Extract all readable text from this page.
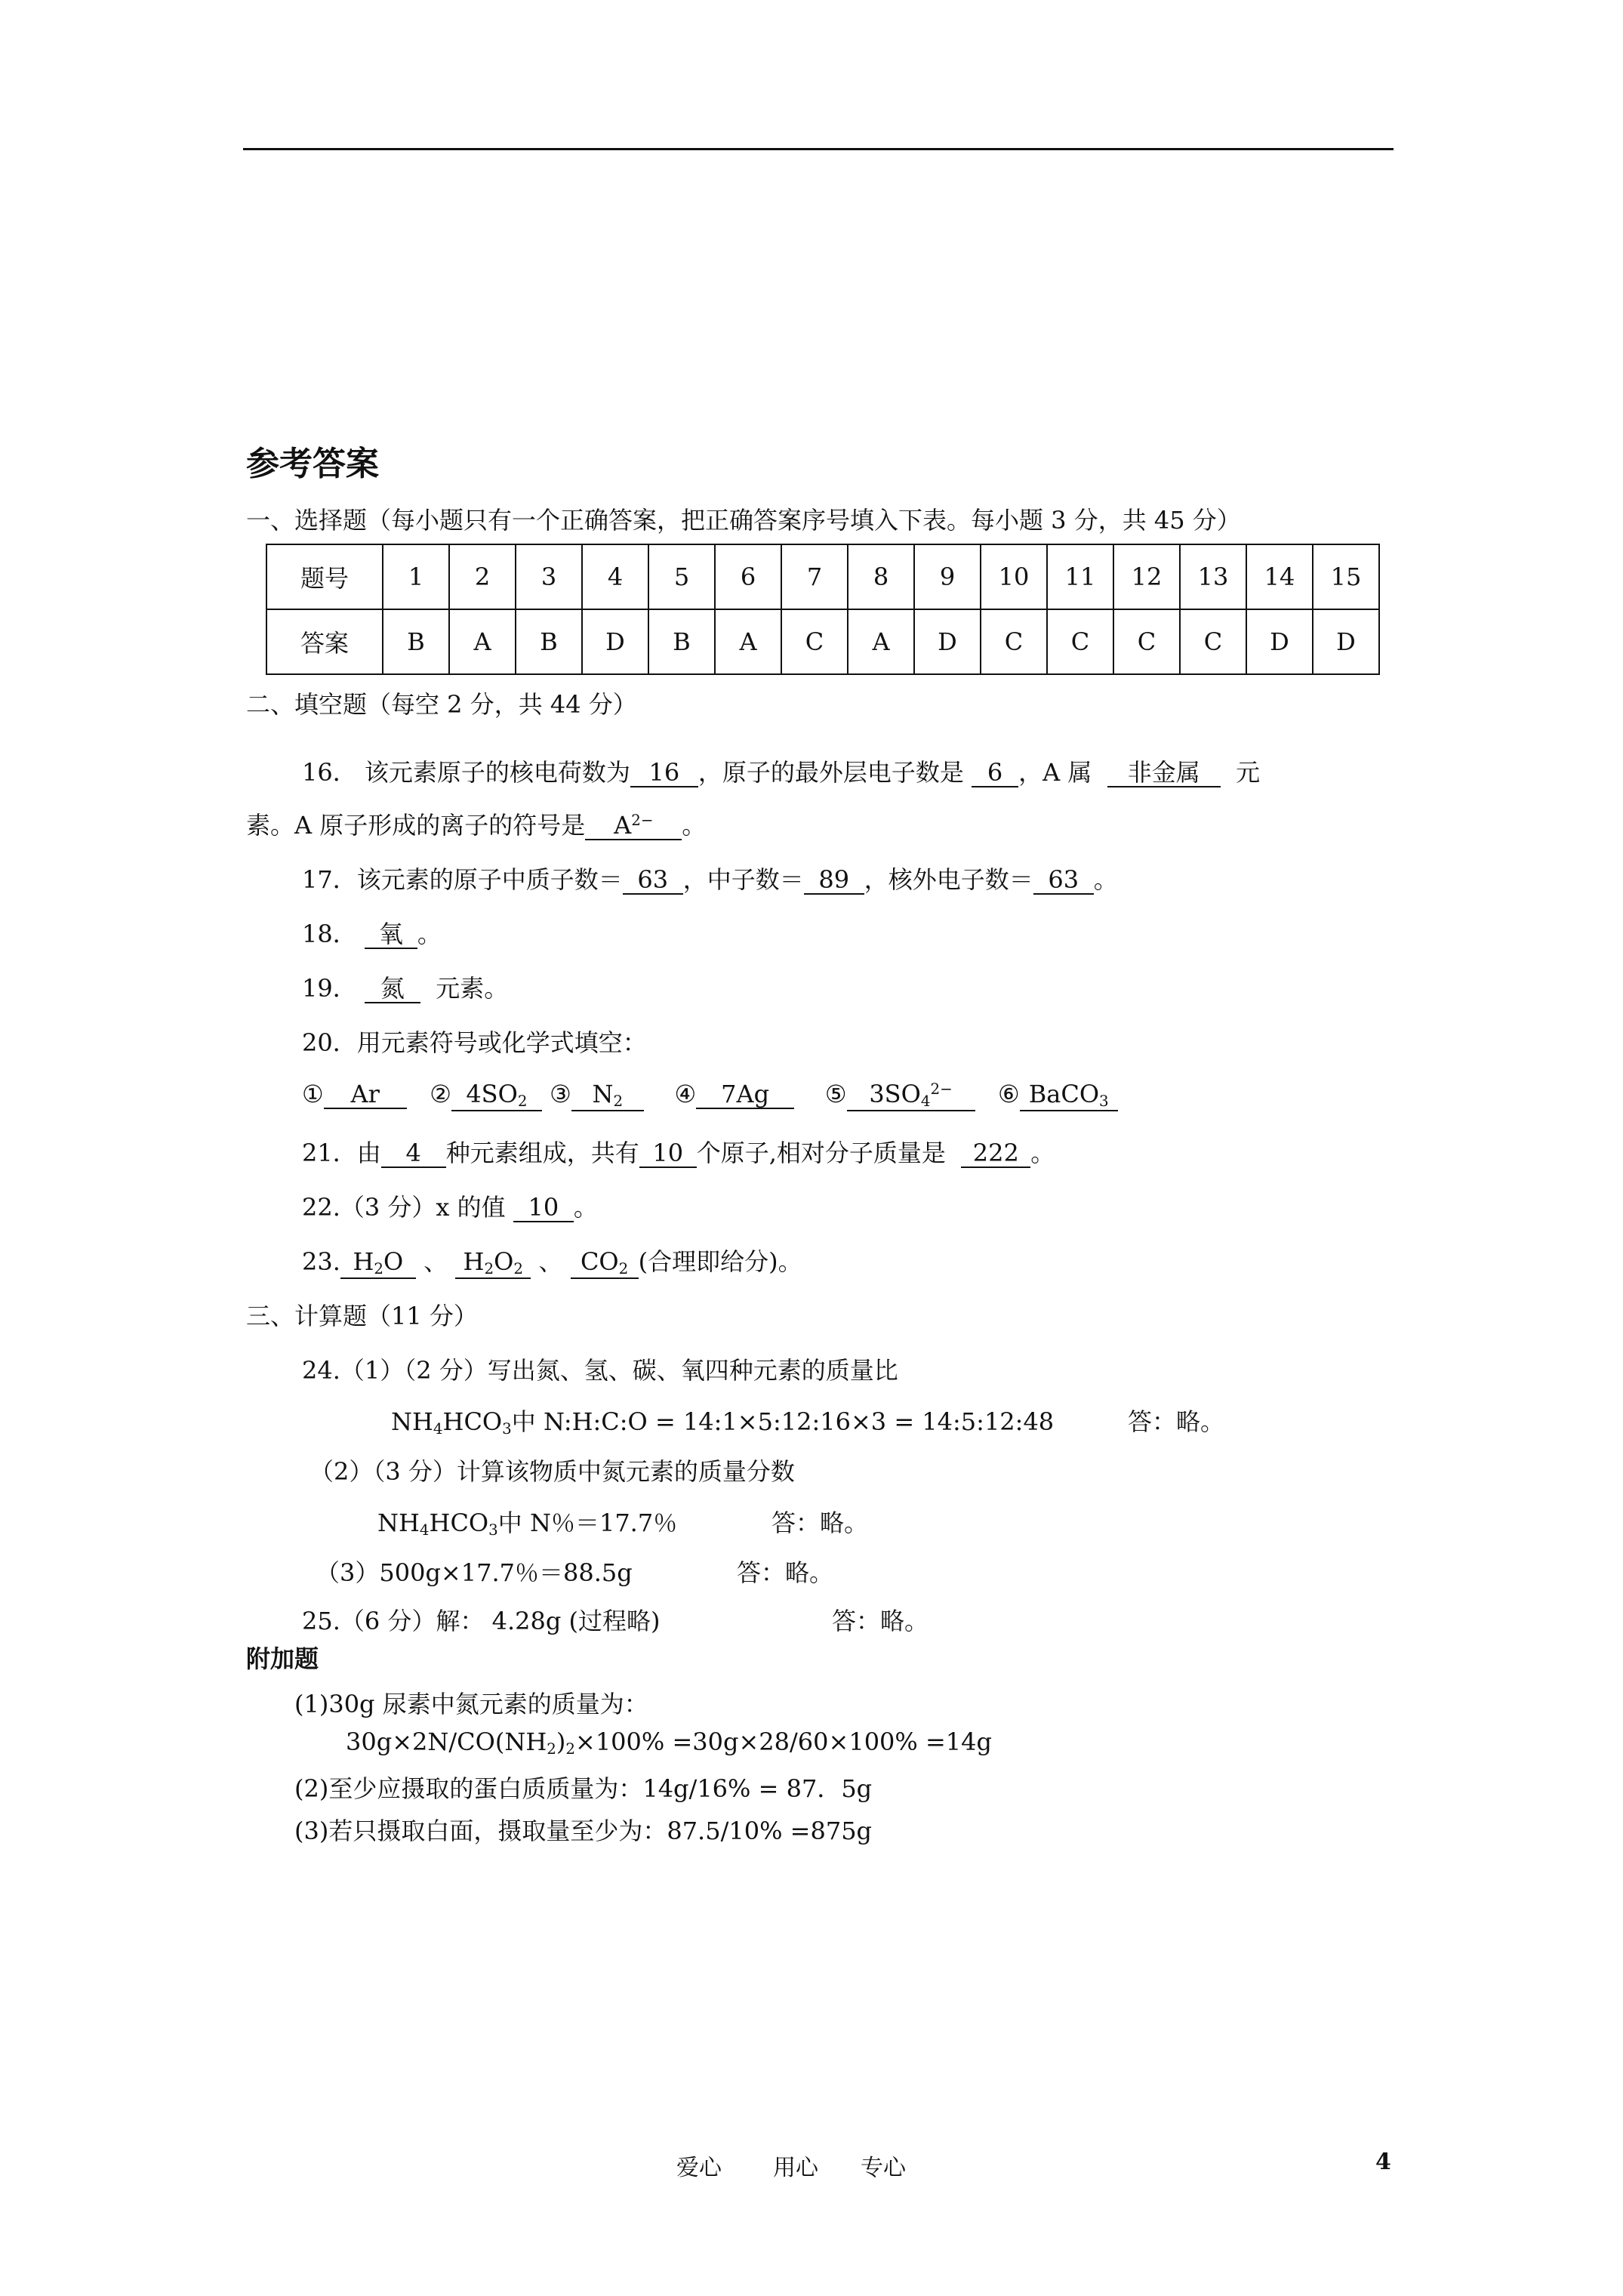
参考答案
一、选择题（每小题只有一个正确答案，把正确答案序号填入下表。每小题 3 分，共 45 分）
题号	1	2	3	4	5	6	7	8	9	10	11	12	13	14	15
答案	B	A	B	D	B	A	C	A	D	C	C	C	C	D	D
二、填空题（每空 2 分，共 44 分）
16． 该元素原子的核电荷数为 16 ，原子的最外层电子数是 6 ，A 属 非金属 元
素。A 原子形成的离子的符号是 $A^{2-}$ 。
17．该元素的原子中质子数＝ 63 ，中子数＝ 89 ，核外电子数＝ 63 。
18． 氧 。
19． 氮 元素。
20．用元素符号或化学式填空：
① Ar ② $4SO_2$ ③ $N_2$ ④ 7Ag ⑤ $3SO_4^{2-}$ ⑥ BaCO$_3$
21．由 4 种元素组成，共有 10 个原子,相对分子质量是 222 。
22.（3 分）x 的值 10 。
23. $H_2O$ 、 $H_2O_2$ 、 $CO_2$ (合理即给分)。
三、计算题（11 分）
24.（1）（2 分）写出氮、氢、碳、氧四种元素的质量比
$NH_4HCO_3$中 N:H:C:O = 14:1×5:12:16×3 = 14:5:12:48	答：略。
（2）（3 分）计算该物质中氮元素的质量分数
$NH_4HCO_3$中 N％＝17.7％	答：略。
（3）500g×17.7％＝88.5g	答：略。
25.（6 分）解： 4.28g (过程略)	答：略。
附加题
(1)30g 尿素中氮元素的质量为：
$30g\times 2N/CO(NH_2)_2\times 100\% =30g\times 28/60\times 100\% =14g$
(2)至少应摄取的蛋白质质量为：14g/16% = 87．5g
(3)若只摄取白面，摄取量至少为：87.5/10% =875g
爱心 用心 专心	4
